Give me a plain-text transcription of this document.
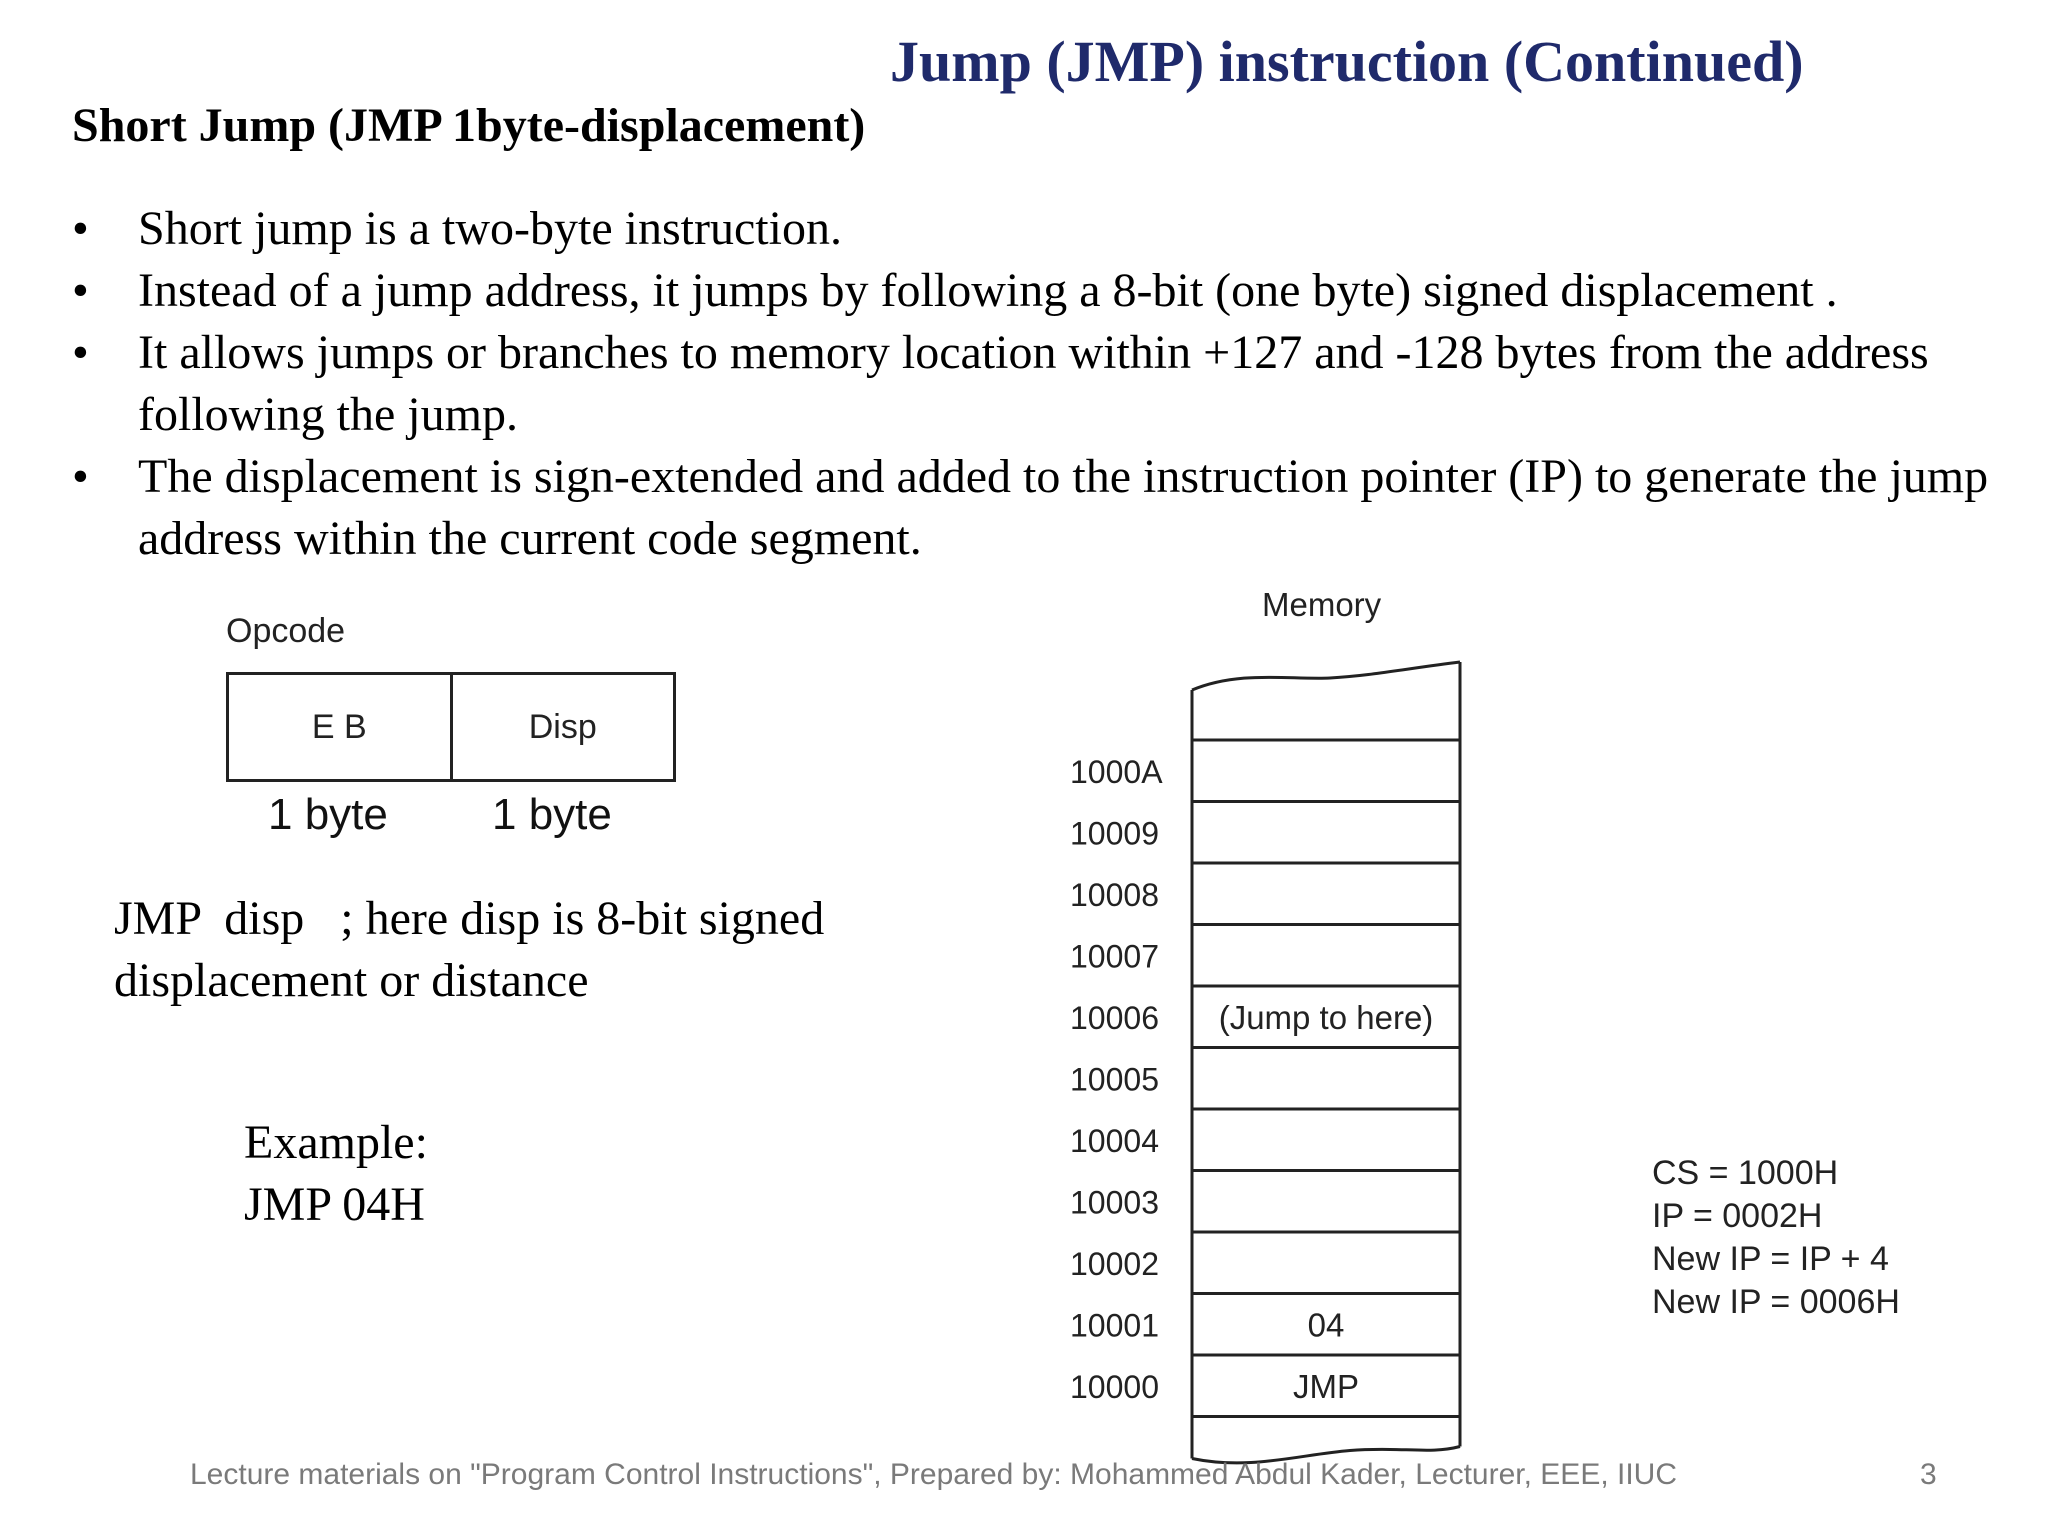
Jump (JMP) instruction (Continued)
Short Jump (JMP 1byte-displacement)
• Short jump is a two-byte instruction.
• Instead of a jump address, it jumps by following a 8-bit (one byte) signed displacement .
• It allows jumps or branches to memory location within +127 and -128 bytes from the address following the jump.
• The displacement is sign-extended and added to the instruction pointer (IP) to generate the jump address within the current code segment.
Opcode
E B	Disp
1 byte 1 byte
JMP  disp   ; here disp is 8-bit signed
displacement or distance
Example:
JMP 04H
Memory
1000A
10009
10008
10007
10006 (Jump to here)
10005
10004
10003
10002
10001	04
10000	JMP
CS = 1000H
IP = 0002H
New IP = IP + 4
New IP = 0006H
Lecture materials on "Program Control Instructions", Prepared by: Mohammed Abdul Kader, Lecturer, EEE, IIUC	3
